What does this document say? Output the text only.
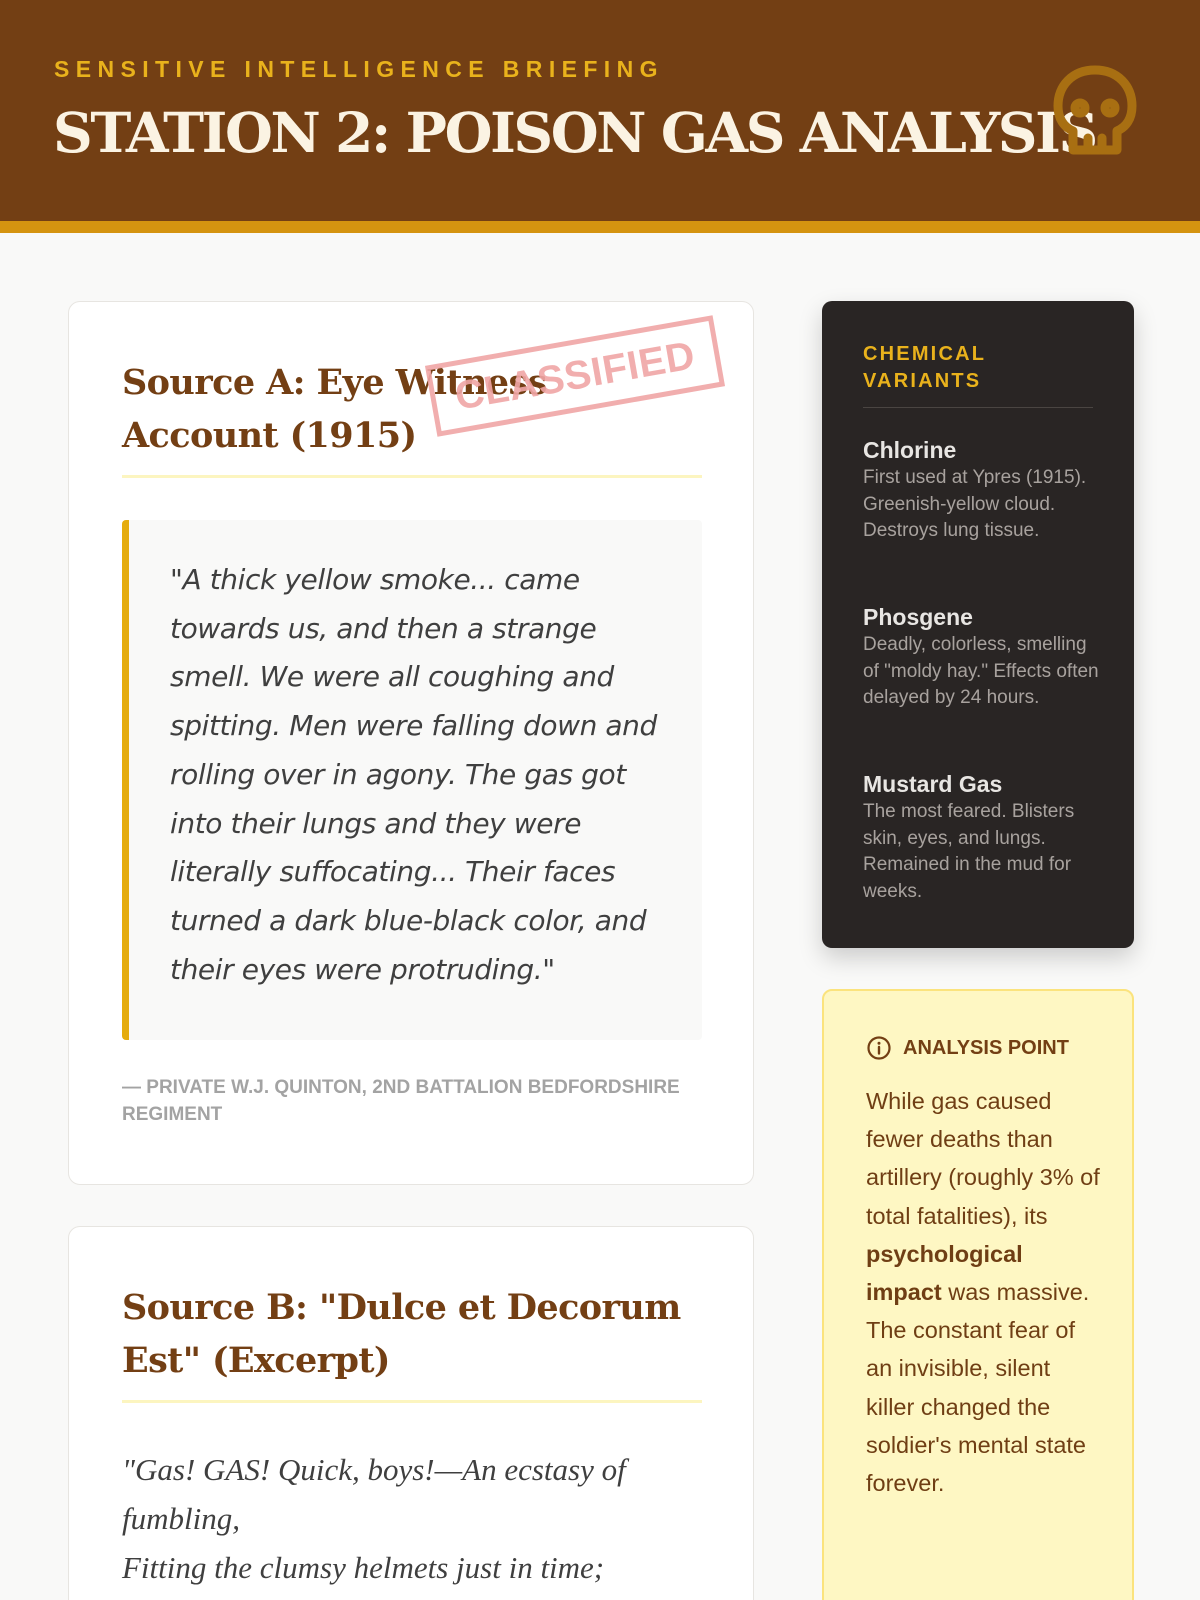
SENSITIVE INTELLIGENCE BRIEFING
STATION 2: POISON GAS ANALYSIS
Source A: Eye Witness Account (1915)
CLASSIFIED

"A thick yellow smoke... came towards us, and then a strange smell. We were all coughing and spitting. Men were falling down and rolling over in agony. The gas got into their lungs and they were literally suffocating... Their faces turned a dark blue-black color, and their eyes were protruding."

— PRIVATE W.J. QUINTON, 2ND BATTALION BEDFORDSHIRE REGIMENT
Source B: "Dulce et Decorum Est" (Excerpt)
"Gas! GAS! Quick, boys!—An ecstasy of fumbling,
Fitting the clumsy helmets just in time;
CHEMICAL VARIANTS
Chlorine
First used at Ypres (1915). Greenish-yellow cloud. Destroys lung tissue.
Phosgene
Deadly, colorless, smelling of "moldy hay." Effects often delayed by 24 hours.
Mustard Gas
The most feared. Blisters skin, eyes, and lungs. Remained in the mud for weeks.
ANALYSIS POINT

While gas caused fewer deaths than artillery (roughly 3% of total fatalities), its psychological impact was massive. The constant fear of an invisible, silent killer changed the soldier's mental state forever.
